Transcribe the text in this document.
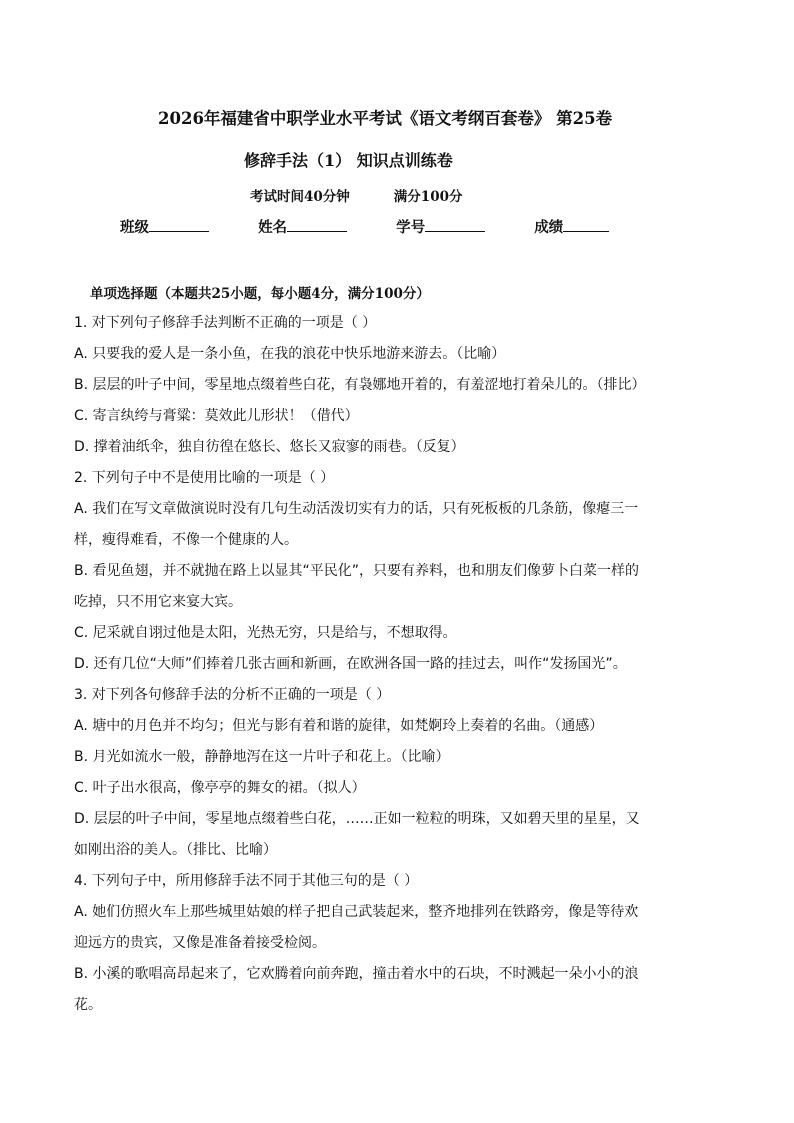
2026年福建省中职学业水平考试《语文考纲百套卷》 第25卷
修辞手法（1） 知识点训练卷
考试时间40分钟	满分100分
班级	姓名	学号	成绩
单项选择题（本题共25小题，每小题4分，满分100分）
1. 对下列句子修辞手法判断不正确的一项是（ ）
A. 只要我的爱人是一条小鱼，在我的浪花中快乐地游来游去。（比喻）
B. 层层的叶子中间，零星地点缀着些白花，有袅娜地开着的，有羞涩地打着朵儿的。（排比）
C. 寄言纨绔与膏粱：莫效此儿形状！（借代）
D. 撑着油纸伞，独自彷徨在悠长、悠长又寂寥的雨巷。（反复）
2. 下列句子中不是使用比喻的一项是（ ）
A. 我们在写文章做演说时没有几句生动活泼切实有力的话，只有死板板的几条筋，像瘪三一
样，瘦得难看，不像一个健康的人。
B. 看见鱼翅，并不就抛在路上以显其“平民化”，只要有养料，也和朋友们像萝卜白菜一样的
吃掉，只不用它来宴大宾。
C. 尼采就自诩过他是太阳，光热无穷，只是给与，不想取得。
D. 还有几位“大师”们捧着几张古画和新画，在欧洲各国一路的挂过去，叫作“发扬国光”。
3. 对下列各句修辞手法的分析不正确的一项是（ ）
A. 塘中的月色并不均匀；但光与影有着和谐的旋律，如梵婀玲上奏着的名曲。（通感）
B. 月光如流水一般，静静地泻在这一片叶子和花上。（比喻）
C. 叶子出水很高，像亭亭的舞女的裙。（拟人）
D. 层层的叶子中间，零星地点缀着些白花，……正如一粒粒的明珠，又如碧天里的星星，又
如刚出浴的美人。（排比、比喻）
4. 下列句子中，所用修辞手法不同于其他三句的是（ ）
A. 她们仿照火车上那些城里姑娘的样子把自己武装起来，整齐地排列在铁路旁，像是等待欢
迎远方的贵宾，又像是准备着接受检阅。
B. 小溪的歌唱高昂起来了，它欢腾着向前奔跑，撞击着水中的石块，不时溅起一朵小小的浪
花。
